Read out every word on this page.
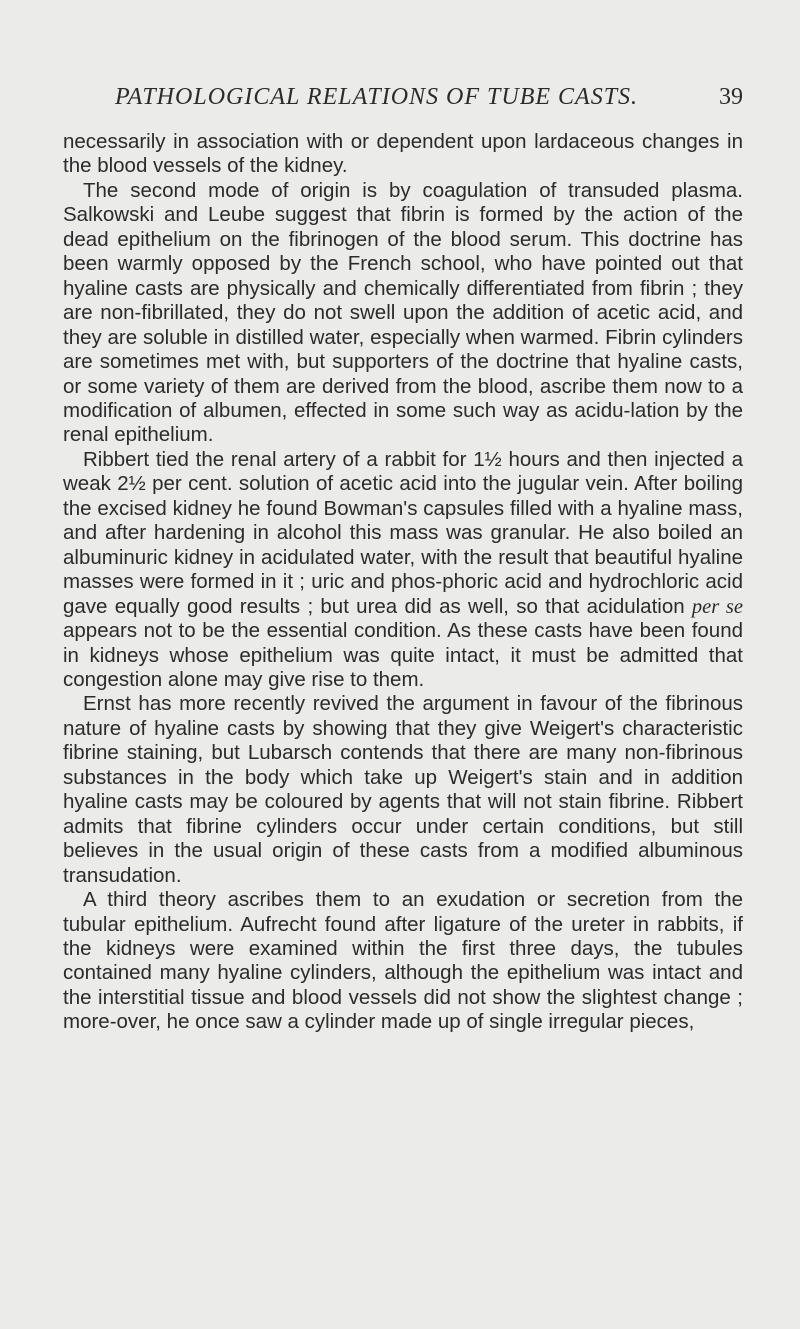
PATHOLOGICAL RELATIONS OF TUBE CASTS.	39

necessarily in association with or dependent upon lardaceous changes in the blood vessels of the kidney.

The second mode of origin is by coagulation of transuded plasma. Salkowski and Leube suggest that fibrin is formed by the action of the dead epithelium on the fibrinogen of the blood serum. This doctrine has been warmly opposed by the French school, who have pointed out that hyaline casts are physically and chemically differentiated from fibrin ; they are non-fibrillated, they do not swell upon the addition of acetic acid, and they are soluble in distilled water, especially when warmed. Fibrin cylinders are sometimes met with, but supporters of the doctrine that hyaline casts, or some variety of them are derived from the blood, ascribe them now to a modification of albumen, effected in some such way as acidu-lation by the renal epithelium.

Ribbert tied the renal artery of a rabbit for 1½ hours and then injected a weak 2½ per cent. solution of acetic acid into the jugular vein. After boiling the excised kidney he found Bowman's capsules filled with a hyaline mass, and after hardening in alcohol this mass was granular. He also boiled an albuminuric kidney in acidulated water, with the result that beautiful hyaline masses were formed in it ; uric and phos-phoric acid and hydrochloric acid gave equally good results ; but urea did as well, so that acidulation per se appears not to be the essential condition. As these casts have been found in kidneys whose epithelium was quite intact, it must be admitted that congestion alone may give rise to them.

Ernst has more recently revived the argument in favour of the fibrinous nature of hyaline casts by showing that they give Weigert's characteristic fibrine staining, but Lubarsch contends that there are many non-fibrinous substances in the body which take up Weigert's stain and in addition hyaline casts may be coloured by agents that will not stain fibrine. Ribbert admits that fibrine cylinders occur under certain conditions, but still believes in the usual origin of these casts from a modified albuminous transudation.

A third theory ascribes them to an exudation or secretion from the tubular epithelium. Aufrecht found after ligature of the ureter in rabbits, if the kidneys were examined within the first three days, the tubules contained many hyaline cylinders, although the epithelium was intact and the interstitial tissue and blood vessels did not show the slightest change ; more-over, he once saw a cylinder made up of single irregular pieces,
